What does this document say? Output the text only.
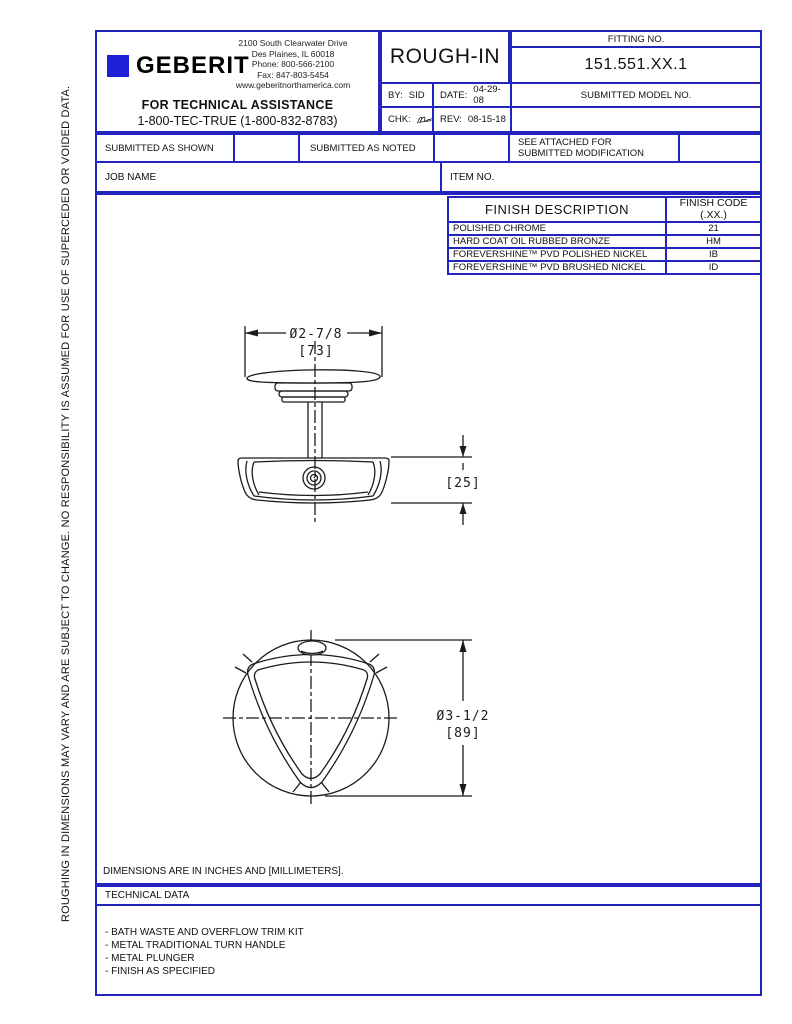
ROUGHING IN DIMENSIONS MAY VARY AND ARE SUBJECT TO CHANGE. NO RESPONSIBILITY IS ASSUMED FOR USE OF SUPERCEDED OR VOIDED DATA.
GEBERIT
2100 South Clearwater Drive
Des Plaines, IL 60018
Phone: 800-566-2100
Fax: 847-803-5454
www.geberitnorthamerica.com
FOR TECHNICAL ASSISTANCE
1-800-TEC-TRUE (1-800-832-8783)
ROUGH-IN
BY: SID DATE: 04-29-08
CHK:	REV: 08-15-18
FITTING NO.
151.551.XX.1
SUBMITTED MODEL NO.
SUBMITTED AS SHOWN	SUBMITTED AS NOTED	SEE ATTACHED FOR
SUBMITTED MODIFICATION
JOB NAME	ITEM NO.
FINISH DESCRIPTION	FINISH CODE
(.XX.)
POLISHED CHROME	21
HARD COAT OIL RUBBED BRONZE	HM
FOREVERSHINE™ PVD POLISHED NICKEL	IB
FOREVERSHINE™ PVD BRUSHED NICKEL	ID
Ø2-7/8
[73]
[25]
Ø3-1/2
[89]
DIMENSIONS ARE IN INCHES AND [MILLIMETERS].
TECHNICAL DATA
- BATH WASTE AND OVERFLOW TRIM KIT
- METAL TRADITIONAL TURN HANDLE
- METAL PLUNGER
- FINISH AS SPECIFIED
